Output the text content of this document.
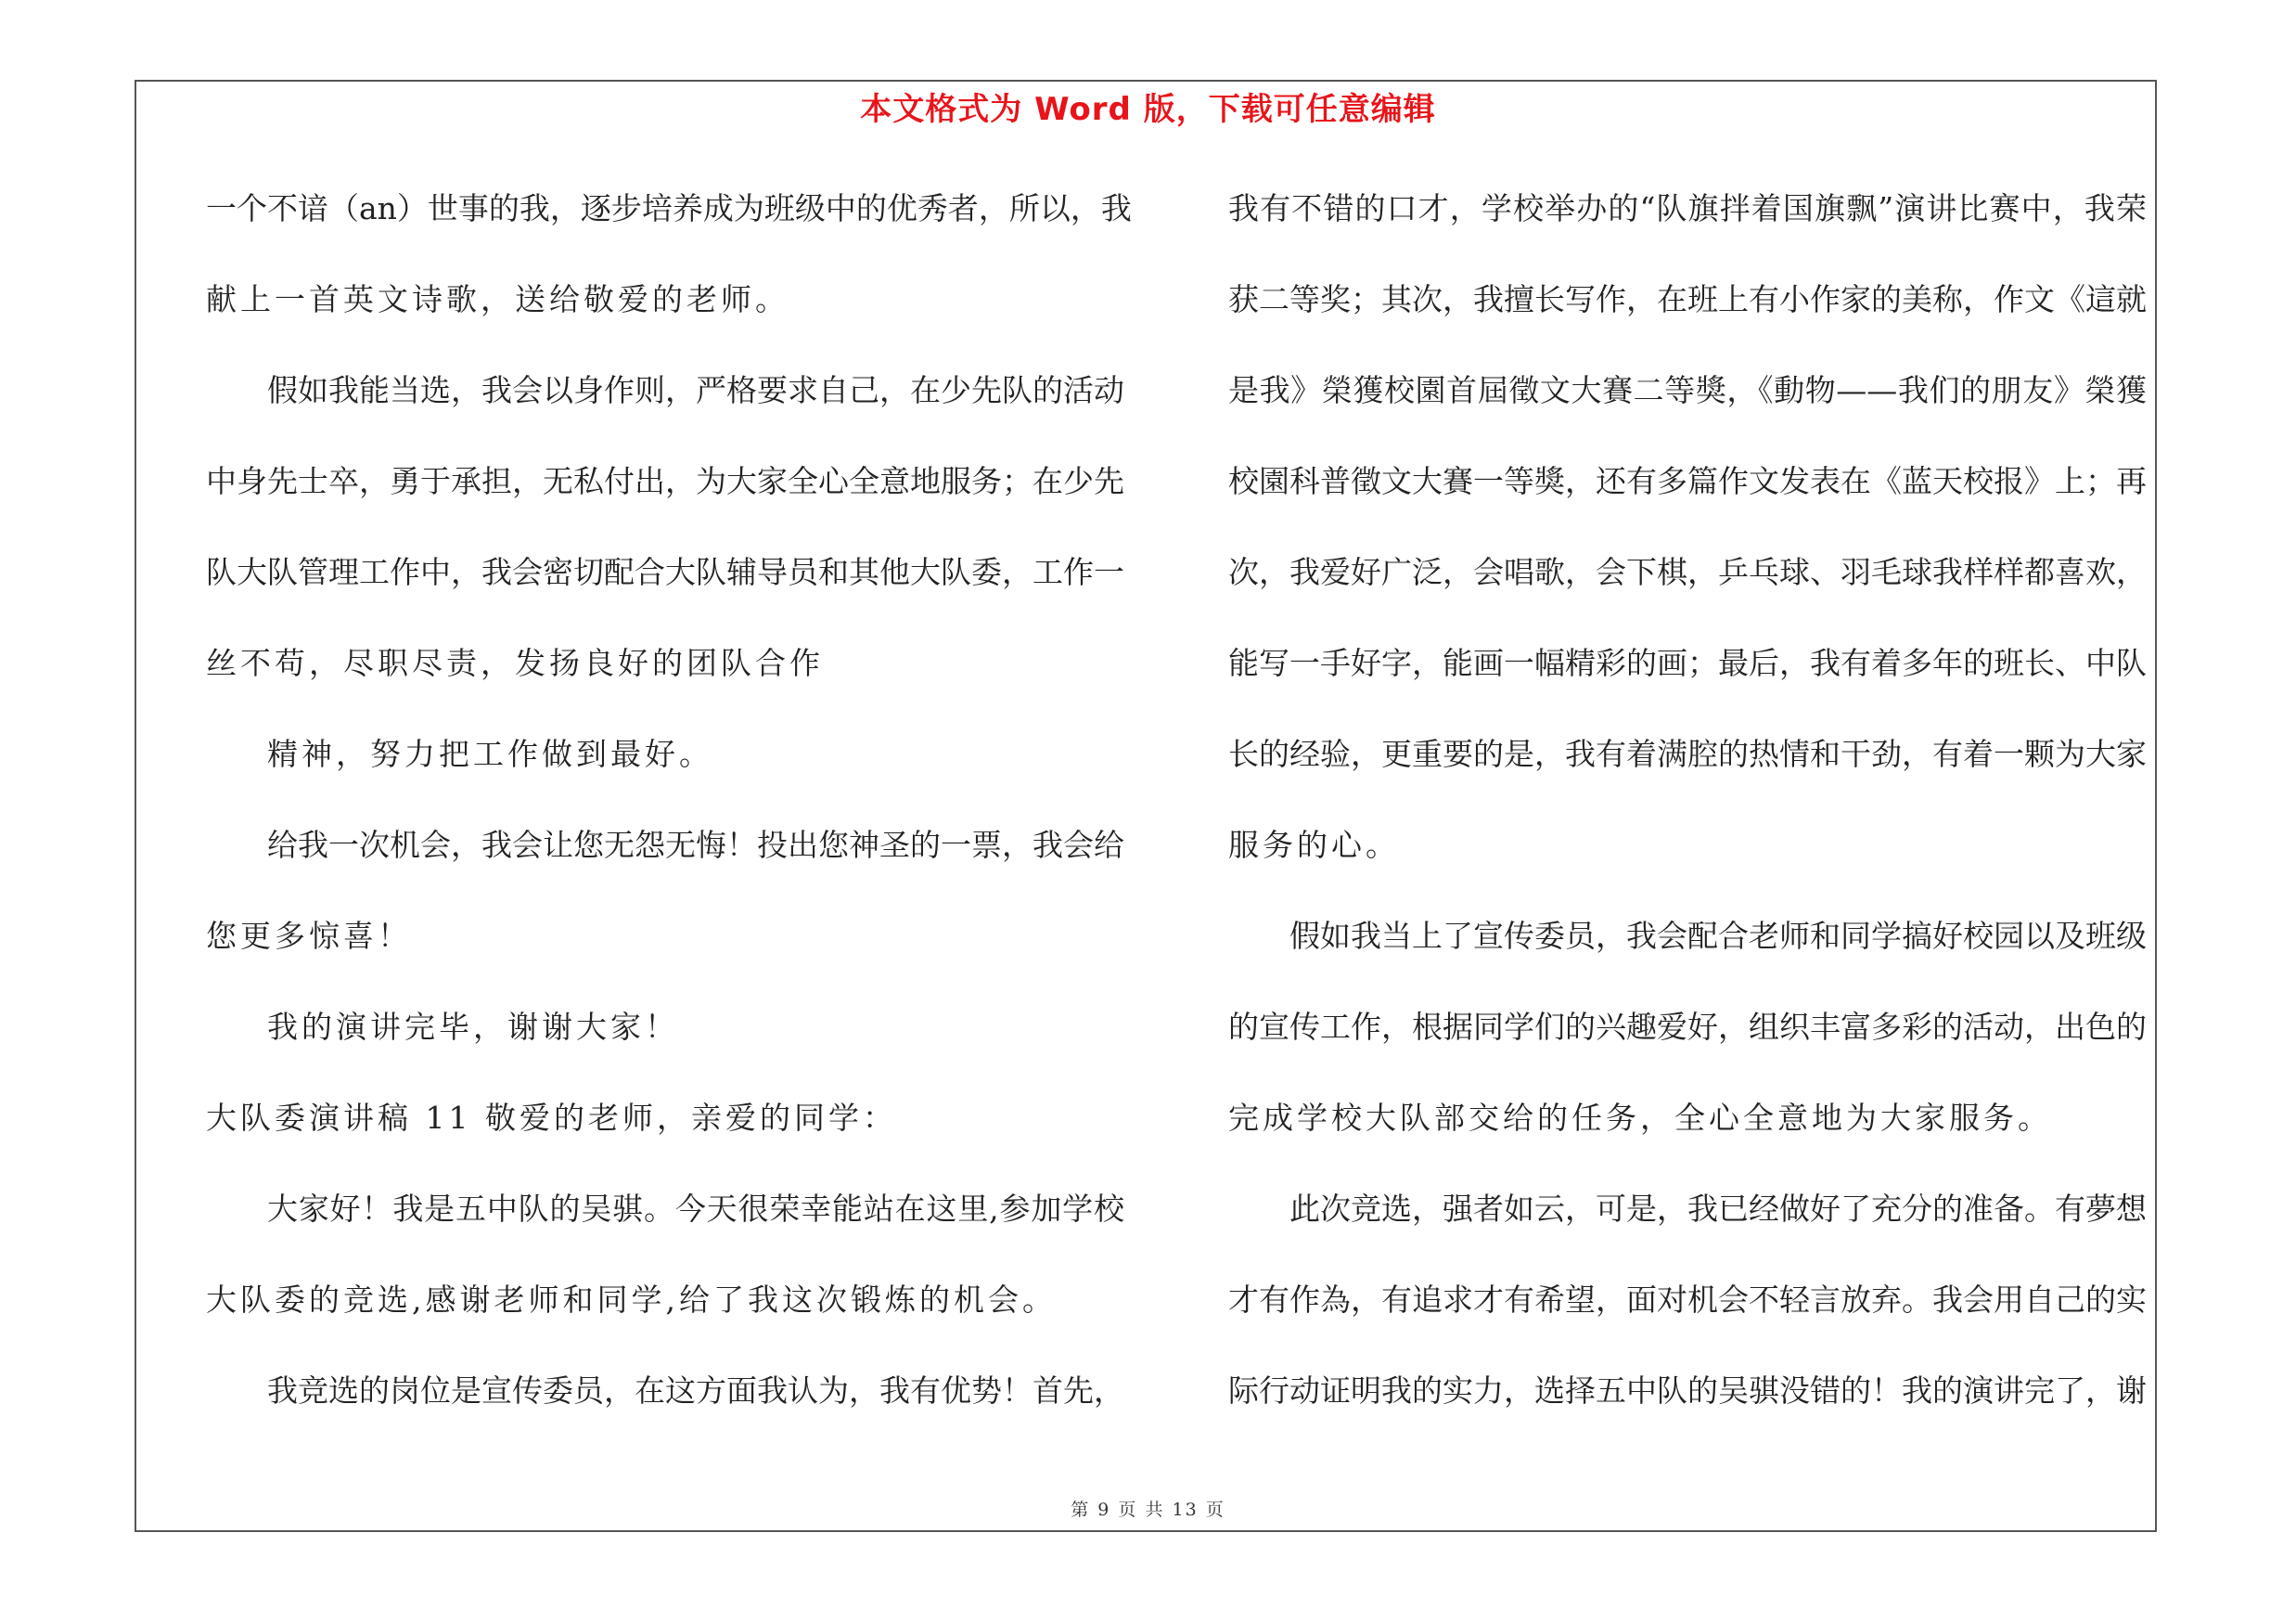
本文格式为 Word 版，下载可任意编辑
一个不谙（an）世事的我，逐步培养成为班级中的优秀者，所以，我
献上一首英文诗歌，送给敬爱的老师。
假如我能当选，我会以身作则，严格要求自己，在少先队的活动
中身先士卒，勇于承担，无私付出，为大家全心全意地服务；在少先
队大队管理工作中，我会密切配合大队辅导员和其他大队委，工作一
丝不苟，尽职尽责，发扬良好的团队合作
精神，努力把工作做到最好。
给我一次机会，我会让您无怨无悔！投出您神圣的一票，我会给
您更多惊喜！
我的演讲完毕，谢谢大家！
大队委演讲稿 11 敬爱的老师，亲爱的同学：
大家好！我是五中队的吴骐。今天很荣幸能站在这里,参加学校
大队委的竞选,感谢老师和同学,给了我这次锻炼的机会。
我竞选的岗位是宣传委员，在这方面我认为，我有优势！首先，
我有不错的口才，学校举办的“队旗拌着国旗飘”演讲比赛中，我荣
获二等奖；其次，我擅长写作，在班上有小作家的美称，作文《這就
是我》榮獲校園首屆徵文大賽二等獎，《動物——我们的朋友》榮獲
校園科普徵文大賽一等獎，还有多篇作文发表在《蓝天校报》上；再
次，我爱好广泛，会唱歌，会下棋，乒乓球、羽毛球我样样都喜欢，
能写一手好字，能画一幅精彩的画；最后，我有着多年的班长、中队
长的经验，更重要的是，我有着满腔的热情和干劲，有着一颗为大家
服务的心。
假如我当上了宣传委员，我会配合老师和同学搞好校园以及班级
的宣传工作，根据同学们的兴趣爱好，组织丰富多彩的活动，出色的
完成学校大队部交给的任务，全心全意地为大家服务。
此次竞选，强者如云，可是，我已经做好了充分的准备。有夢想
才有作為，有追求才有希望，面对机会不轻言放弃。我会用自己的实
际行动证明我的实力，选择五中队的吴骐没错的！我的演讲完了，谢
第 9 页 共 13 页
